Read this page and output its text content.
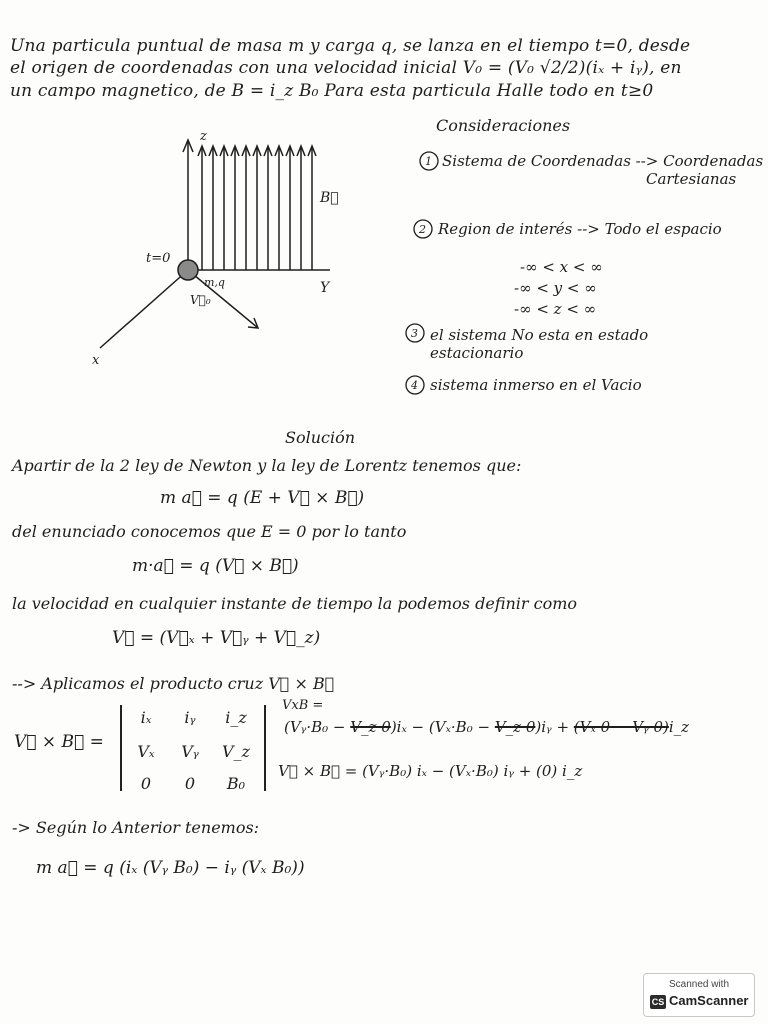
Una particula puntual de masa m y carga q, se lanza en el tiempo t=0, desde
el origen de coordenadas con una velocidad inicial V₀ = (V₀ √2/2)(iₓ + iᵧ), en
un campo magnetico, de B = i_z B₀ Para esta particula Halle todo en t≥0
z
Y
x
B⃗
t=0
m,q
V⃗₀
Consideraciones
1 Sistema de Coordenadas --> Coordenadas
Cartesianas
2 Region de interés --> Todo el espacio
-∞ < x < ∞
-∞ < y < ∞
-∞ < z < ∞
3 el sistema No esta en estado
estacionario
4 sistema inmerso en el Vacio
Solución
Apartir de la 2 ley de Newton y la ley de Lorentz tenemos que:
m a⃗ = q (E + V⃗ × B⃗)
del enunciado conocemos que E = 0 por lo tanto
m·a⃗ = q (V⃗ × B⃗)
la velocidad en cualquier instante de tiempo la podemos definir como
V⃗ = (V⃗ₓ + V⃗ᵧ + V⃗_z)
--> Aplicamos el producto cruz V⃗ × B⃗
V⃗ × B⃗ =
iₓ	iᵧ	i_z
Vₓ	Vᵧ	V_z
0	0	B₀
VxB =
(Vᵧ·B₀ − V_z·0)iₓ − (Vₓ·B₀ − V_z·0)iᵧ + (Vₓ·0 − Vᵧ·0)i_z
V⃗ × B⃗ = (Vᵧ·B₀) iₓ − (Vₓ·B₀) iᵧ + (0) i_z
-> Según lo Anterior tenemos:
m a⃗ = q (iₓ (Vᵧ B₀) − iᵧ (Vₓ B₀))
Scanned with
CS CamScanner
